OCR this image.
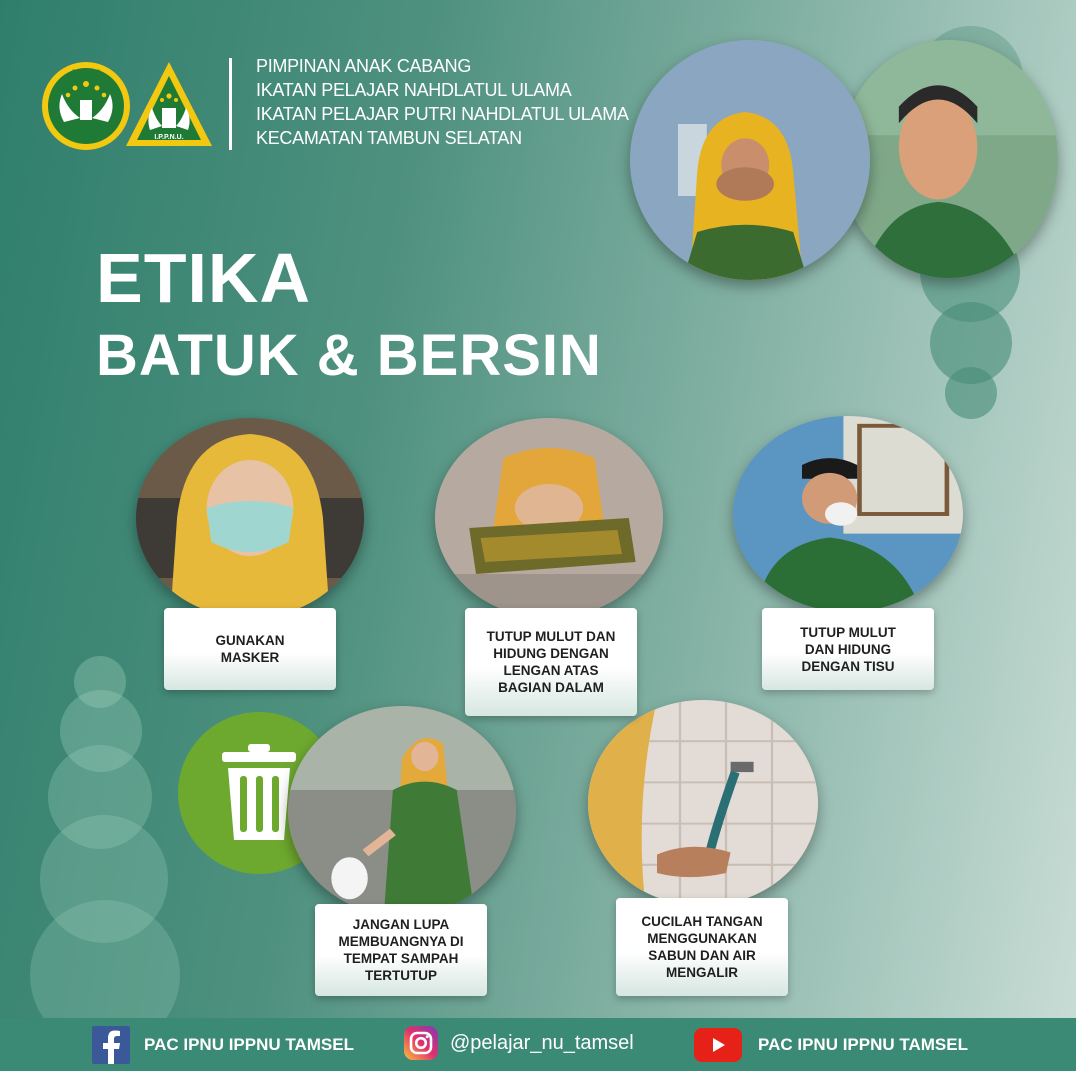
I.P.N.U
I.P.P.N.U.
PIMPINAN ANAK CABANG
IKATAN PELAJAR NAHDLATUL ULAMA
IKATAN PELAJAR PUTRI NAHDLATUL ULAMA
KECAMATAN TAMBUN SELATAN
ETIKA
BATUK & BERSIN
GUNAKAN
MASKER
TUTUP MULUT DAN
HIDUNG DENGAN
LENGAN ATAS
BAGIAN DALAM
TUTUP MULUT
DAN HIDUNG
DENGAN TISU
JANGAN LUPA
MEMBUANGNYA DI
TEMPAT SAMPAH
TERTUTUP
CUCILAH TANGAN
MENGGUNAKAN
SABUN DAN AIR
MENGALIR
PAC IPNU IPPNU TAMSEL	@pelajar_nu_tamsel	PAC IPNU IPPNU TAMSEL
